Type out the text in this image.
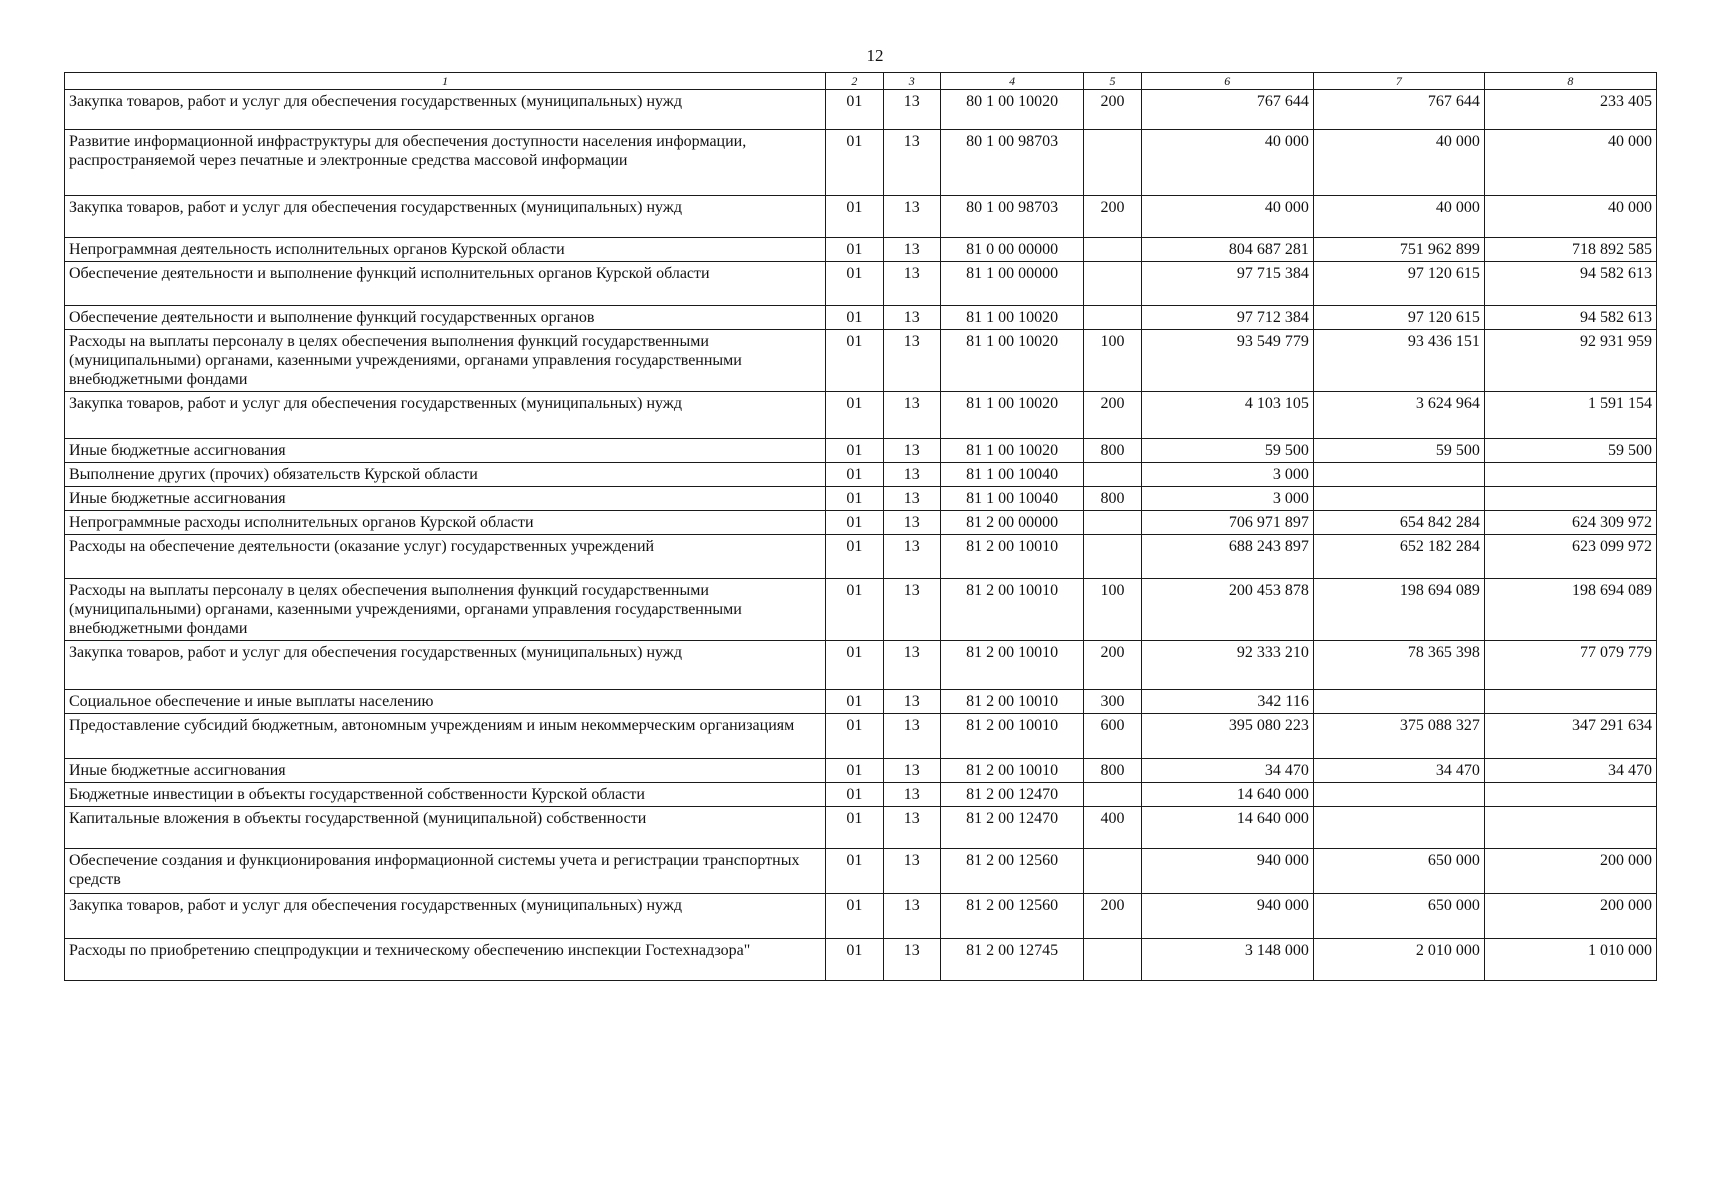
12
1	2	3	4	5	6	7	8
Закупка товаров, работ и услуг для обеспечения государственных (муниципальных) нужд	01	13	80 1 00 10020	200	767 644	767 644	233 405
Развитие информационной инфраструктуры для обеспечения доступности населения информации, распространяемой через печатные и электронные средства массовой информации	01	13	80 1 00 98703		40 000	40 000	40 000
Закупка товаров, работ и услуг для обеспечения государственных (муниципальных) нужд	01	13	80 1 00 98703	200	40 000	40 000	40 000
Непрограммная деятельность исполнительных органов Курской области	01	13	81 0 00 00000		804 687 281	751 962 899	718 892 585
Обеспечение деятельности и выполнение функций исполнительных органов Курской области	01	13	81 1 00 00000		97 715 384	97 120 615	94 582 613
Обеспечение деятельности и выполнение функций государственных органов	01	13	81 1 00 10020		97 712 384	97 120 615	94 582 613
Расходы на выплаты персоналу в целях обеспечения выполнения функций государственными (муниципальными) органами, казенными учреждениями, органами управления государственными внебюджетными фондами	01	13	81 1 00 10020	100	93 549 779	93 436 151	92 931 959
Закупка товаров, работ и услуг для обеспечения государственных (муниципальных) нужд	01	13	81 1 00 10020	200	4 103 105	3 624 964	1 591 154
Иные бюджетные ассигнования	01	13	81 1 00 10020	800	59 500	59 500	59 500
Выполнение других (прочих) обязательств Курской области	01	13	81 1 00 10040		3 000		
Иные бюджетные ассигнования	01	13	81 1 00 10040	800	3 000		
Непрограммные расходы исполнительных органов Курской области	01	13	81 2 00 00000		706 971 897	654 842 284	624 309 972
Расходы на обеспечение деятельности (оказание услуг) государственных учреждений	01	13	81 2 00 10010		688 243 897	652 182 284	623 099 972
Расходы на выплаты персоналу в целях обеспечения выполнения функций государственными (муниципальными) органами, казенными учреждениями, органами управления государственными внебюджетными фондами	01	13	81 2 00 10010	100	200 453 878	198 694 089	198 694 089
Закупка товаров, работ и услуг для обеспечения государственных (муниципальных) нужд	01	13	81 2 00 10010	200	92 333 210	78 365 398	77 079 779
Социальное обеспечение и иные выплаты населению	01	13	81 2 00 10010	300	342 116		
Предоставление субсидий бюджетным, автономным учреждениям и иным некоммерческим организациям	01	13	81 2 00 10010	600	395 080 223	375 088 327	347 291 634
Иные бюджетные ассигнования	01	13	81 2 00 10010	800	34 470	34 470	34 470
Бюджетные инвестиции в объекты государственной собственности Курской области	01	13	81 2 00 12470		14 640 000		
Капитальные вложения в объекты государственной (муниципальной) собственности	01	13	81 2 00 12470	400	14 640 000		
Обеспечение создания и функционирования информационной системы учета и регистрации транспортных средств	01	13	81 2 00 12560		940 000	650 000	200 000
Закупка товаров, работ и услуг для обеспечения государственных (муниципальных) нужд	01	13	81 2 00 12560	200	940 000	650 000	200 000
Расходы по приобретению спецпродукции и техническому обеспечению инспекции Гостехнадзора"	01	13	81 2 00 12745		3 148 000	2 010 000	1 010 000
